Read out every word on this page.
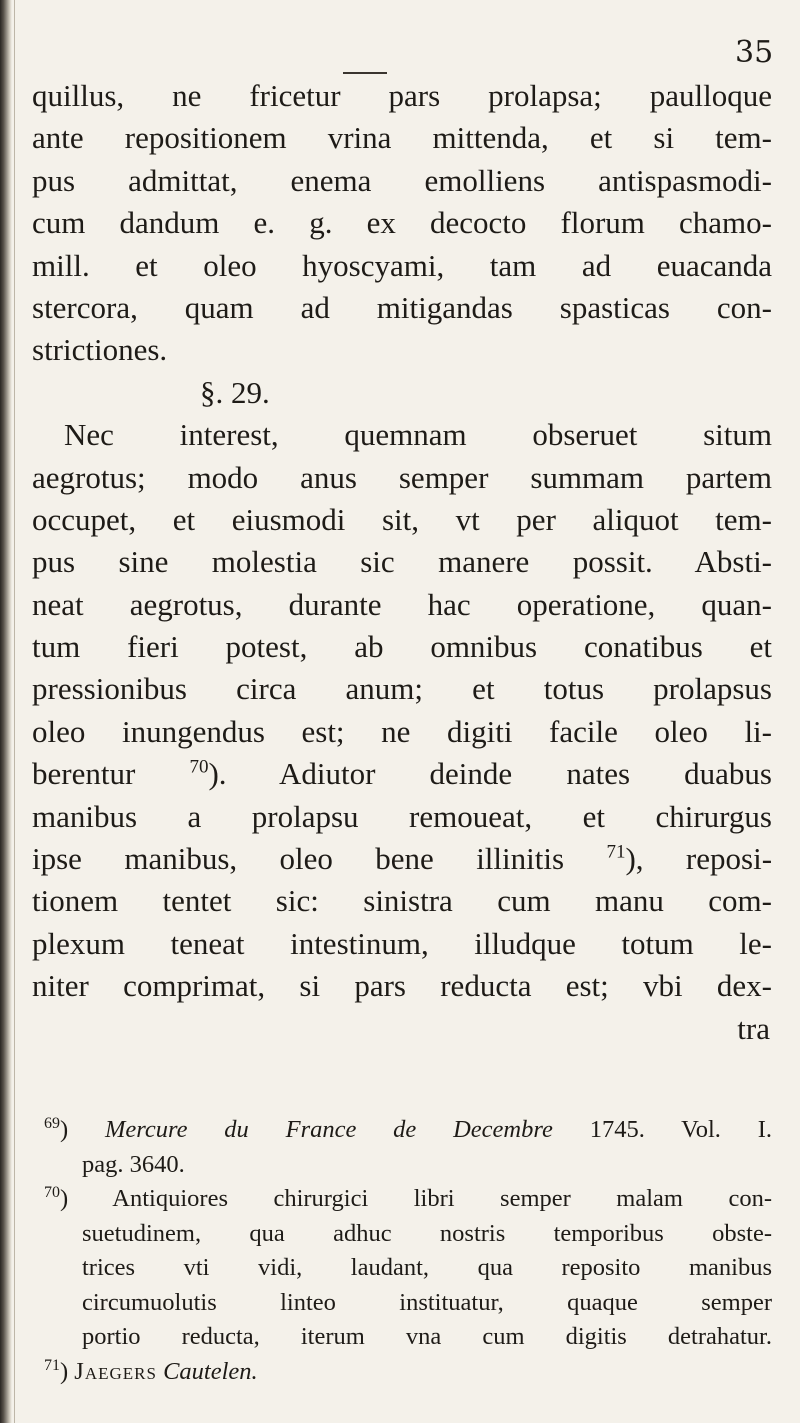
35
quillus, ne fricetur pars prolapsa; paulloque
ante repositionem vrina mittenda, et si tem-
pus admittat, enema emolliens antispasmodi-
cum dandum e. g. ex decocto florum chamo-
mill. et oleo hyoscyami, tam ad euacanda
stercora, quam ad mitigandas spasticas con-
strictiones.
§. 29.
Nec interest, quemnam obseruet situm
aegrotus; modo anus semper summam partem
occupet, et eiusmodi sit, vt per aliquot tem-
pus sine molestia sic manere possit. Absti-
neat aegrotus, durante hac operatione, quan-
tum fieri potest, ab omnibus conatibus et
pressionibus circa anum; et totus prolapsus
oleo inungendus est; ne digiti facile oleo li-
berentur	$^{70}$). Adiutor deinde nates duabus
manibus a prolapsu remoueat, et chirurgus
ipse manibus, oleo bene illinitis $^{71}$), reposi-
tionem tentet sic: sinistra cum manu com-
plexum teneat intestinum, illudque totum le-
niter comprimat, si pars reducta est; vbi dex-
tra
$^{69}$) Mercure du France de Decembre 1745. Vol. I.
pag. 3640.
$^{70}$) Antiquiores chirurgici libri semper malam con-
suetudinem, qua adhuc nostris temporibus obste-
trices vti vidi, laudant, qua reposito manibus
circumuolutis linteo instituatur, quaque semper
portio reducta, iterum vna cum digitis detrahatur.
$^{71}$) Jaegers Cautelen.
